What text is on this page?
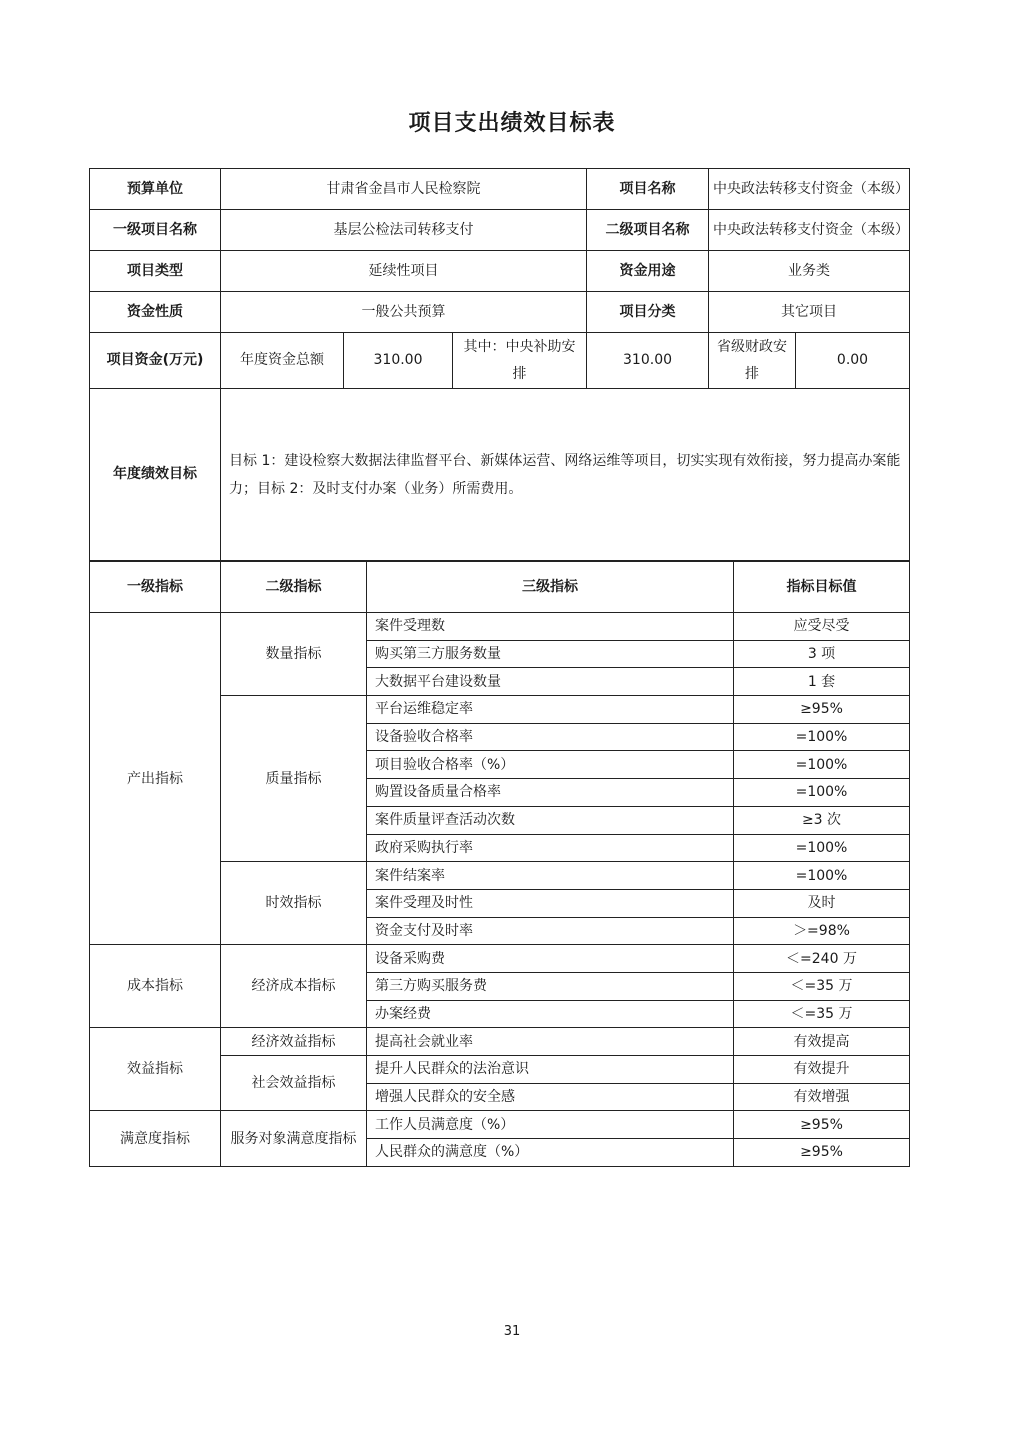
项目支出绩效目标表
预算单位	甘肃省金昌市人民检察院			项目名称	中央政法转移支付资金（本级）	
一级项目名称	基层公检法司转移支付			二级项目名称	中央政法转移支付资金（本级）	
项目类型	延续性项目			资金用途	业务类	
资金性质	一般公共预算			项目分类	其它项目	
项目资金(万元)	年度资金总额	310.00	其中：中央补助安排	310.00	省级财政安排	0.00
年度绩效目标	目标 1：建设检察大数据法律监督平台、新媒体运营、网络运维等项目，切实实现有效衔接，努力提高办案能力；目标 2：及时支付办案（业务）所需费用。					
一级指标	二级指标	三级指标	指标目标值
产出指标	数量指标	案件受理数	应受尽受
		购买第三方服务数量	3 项
		大数据平台建设数量	1 套
	质量指标	平台运维稳定率	≥95%
		设备验收合格率	=100%
		项目验收合格率（%）	=100%
		购置设备质量合格率	=100%
		案件质量评查活动次数	≥3 次
		政府采购执行率	=100%
	时效指标	案件结案率	=100%
		案件受理及时性	及时
		资金支付及时率	＞=98%
成本指标	经济成本指标	设备采购费	＜=240 万
		第三方购买服务费	＜=35 万
		办案经费	＜=35 万
效益指标	经济效益指标	提高社会就业率	有效提高
	社会效益指标	提升人民群众的法治意识	有效提升
		增强人民群众的安全感	有效增强
满意度指标	服务对象满意度指标	工作人员满意度（%）	≥95%
		人民群众的满意度（%）	≥95%
31
